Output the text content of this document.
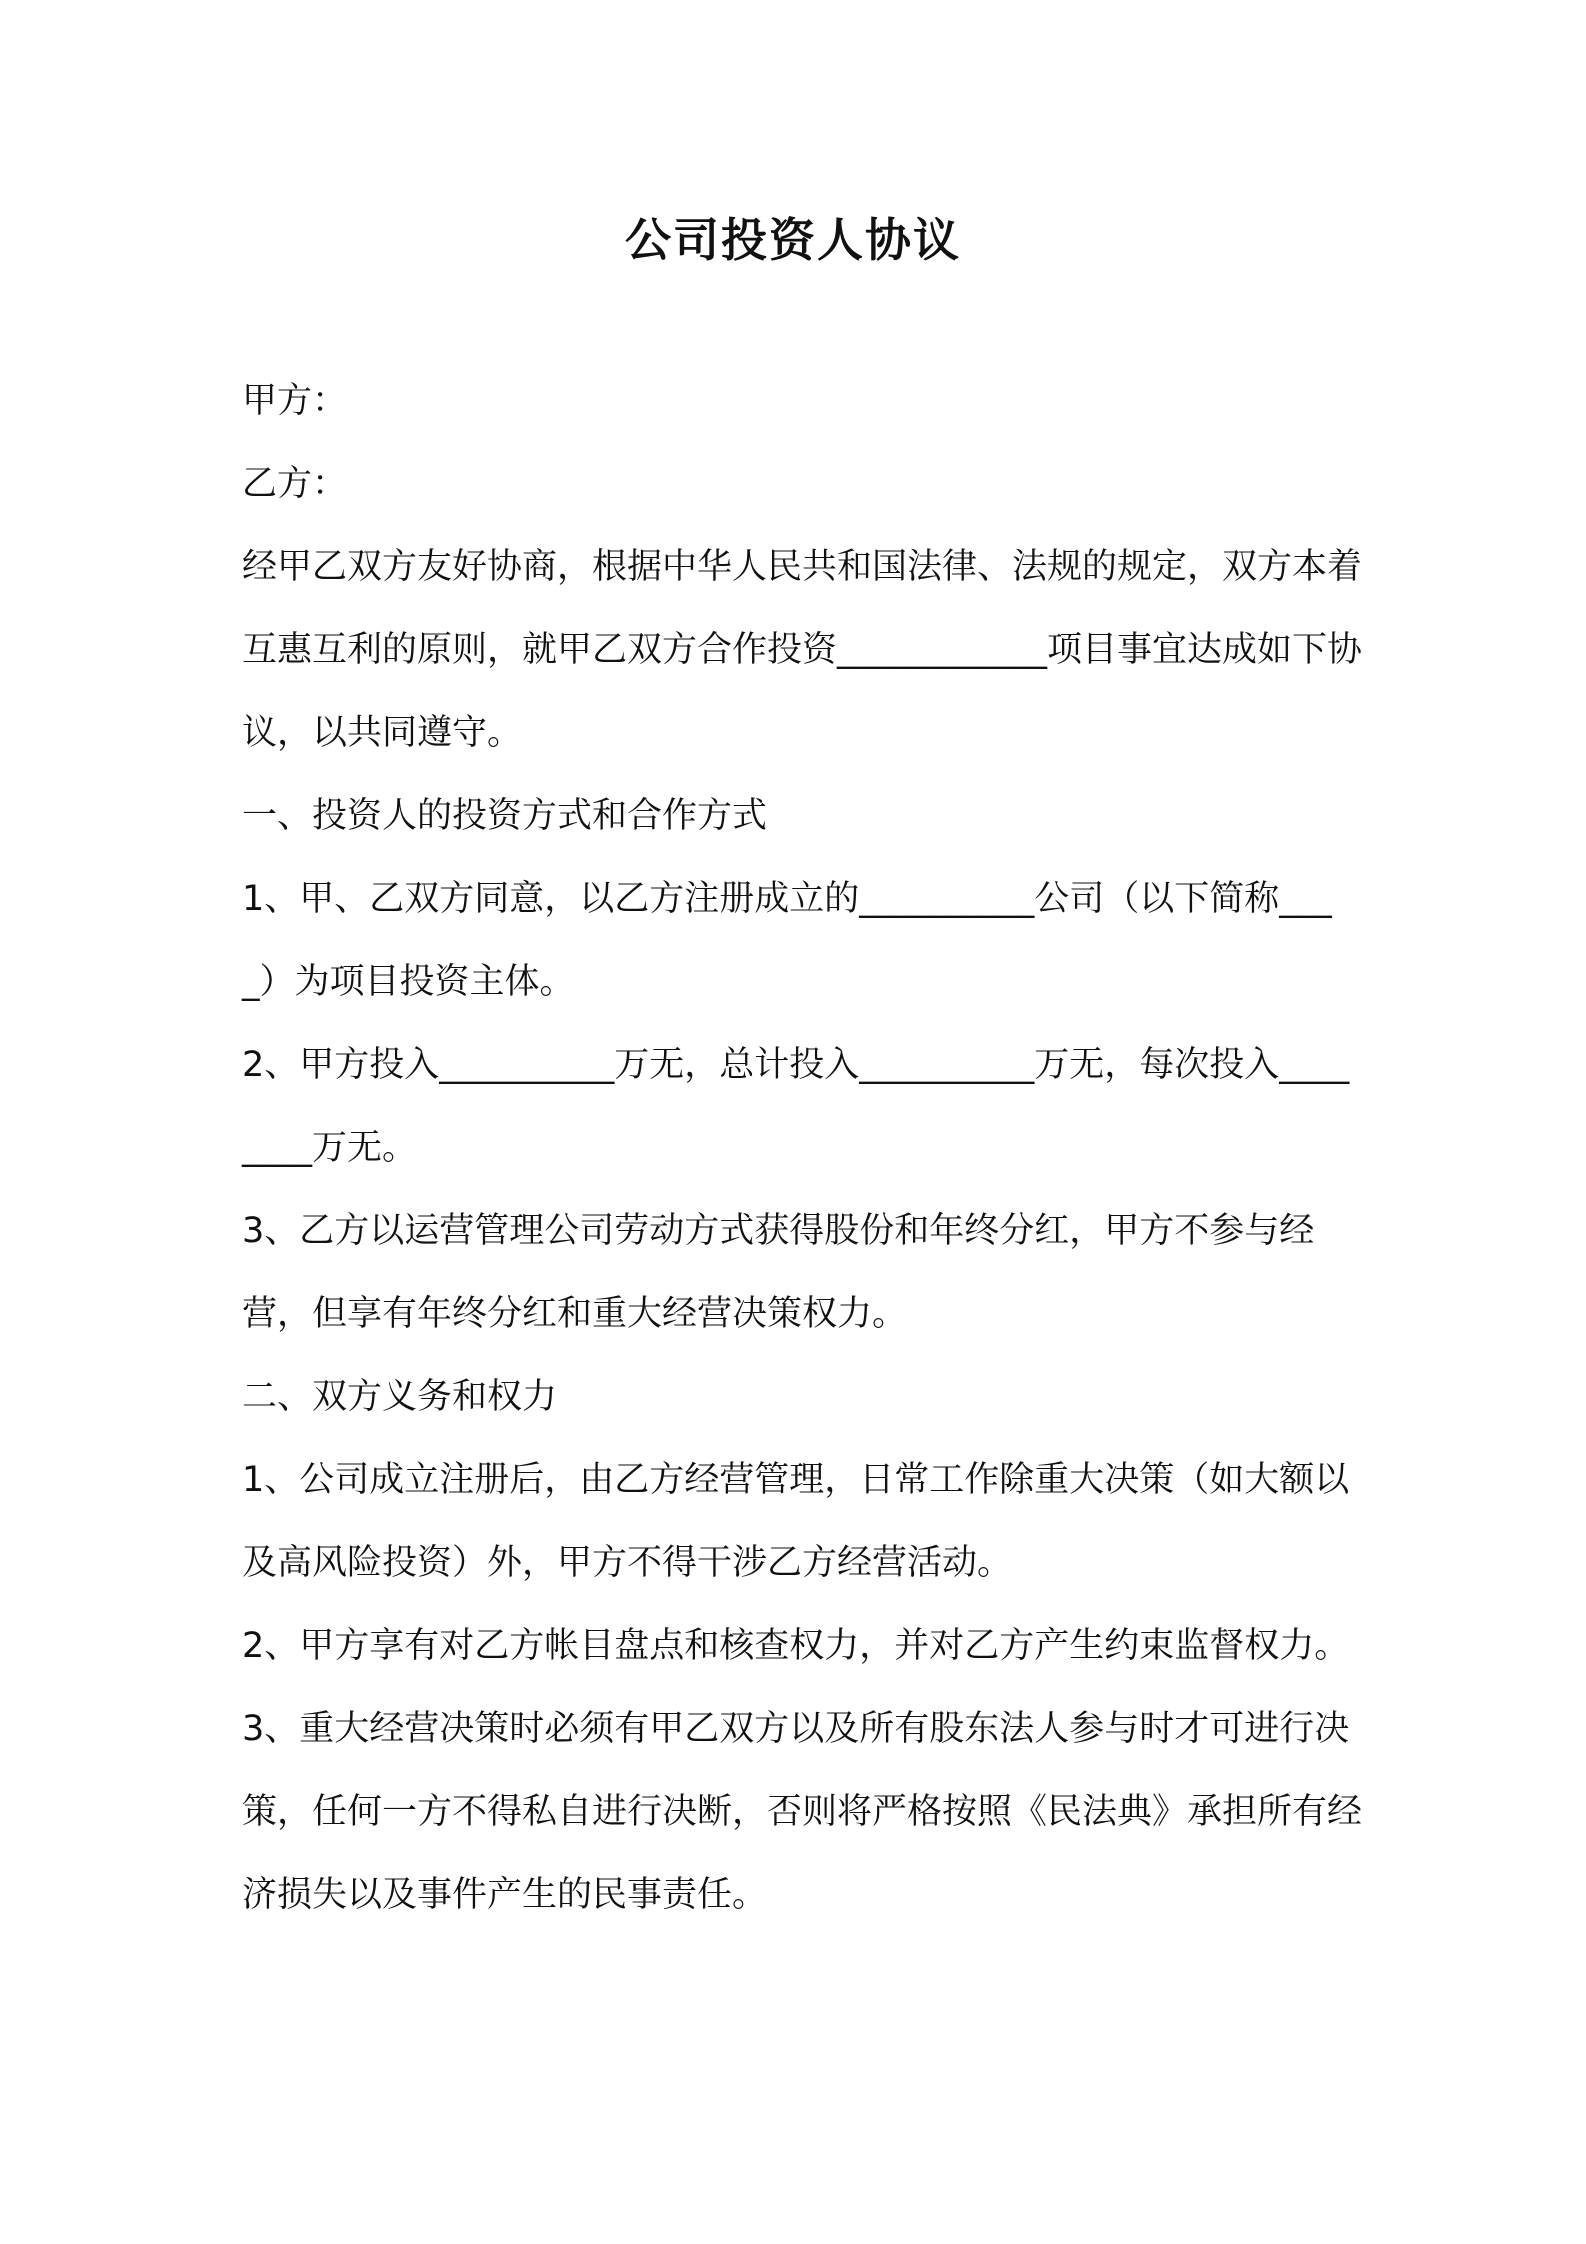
公司投资人协议

甲方：

乙方：

经甲乙双方友好协商，根据中华人民共和国法律、法规的规定，双方本着互惠互利的原则，就甲乙双方合作投资____________项目事宜达成如下协议，以共同遵守。

一、投资人的投资方式和合作方式

1、甲、乙双方同意，以乙方注册成立的__________公司（以下简称____）为项目投资主体。

2、甲方投入__________万无，总计投入__________万无，每次投入________万无。

3、乙方以运营管理公司劳动方式获得股份和年终分红，甲方不参与经营，但享有年终分红和重大经营决策权力。

二、双方义务和权力

1、公司成立注册后，由乙方经营管理，日常工作除重大决策（如大额以及高风险投资）外，甲方不得干涉乙方经营活动。

2、甲方享有对乙方帐目盘点和核查权力，并对乙方产生约束监督权力。

3、重大经营决策时必须有甲乙双方以及所有股东法人参与时才可进行决策，任何一方不得私自进行决断，否则将严格按照《民法典》承担所有经济损失以及事件产生的民事责任。
